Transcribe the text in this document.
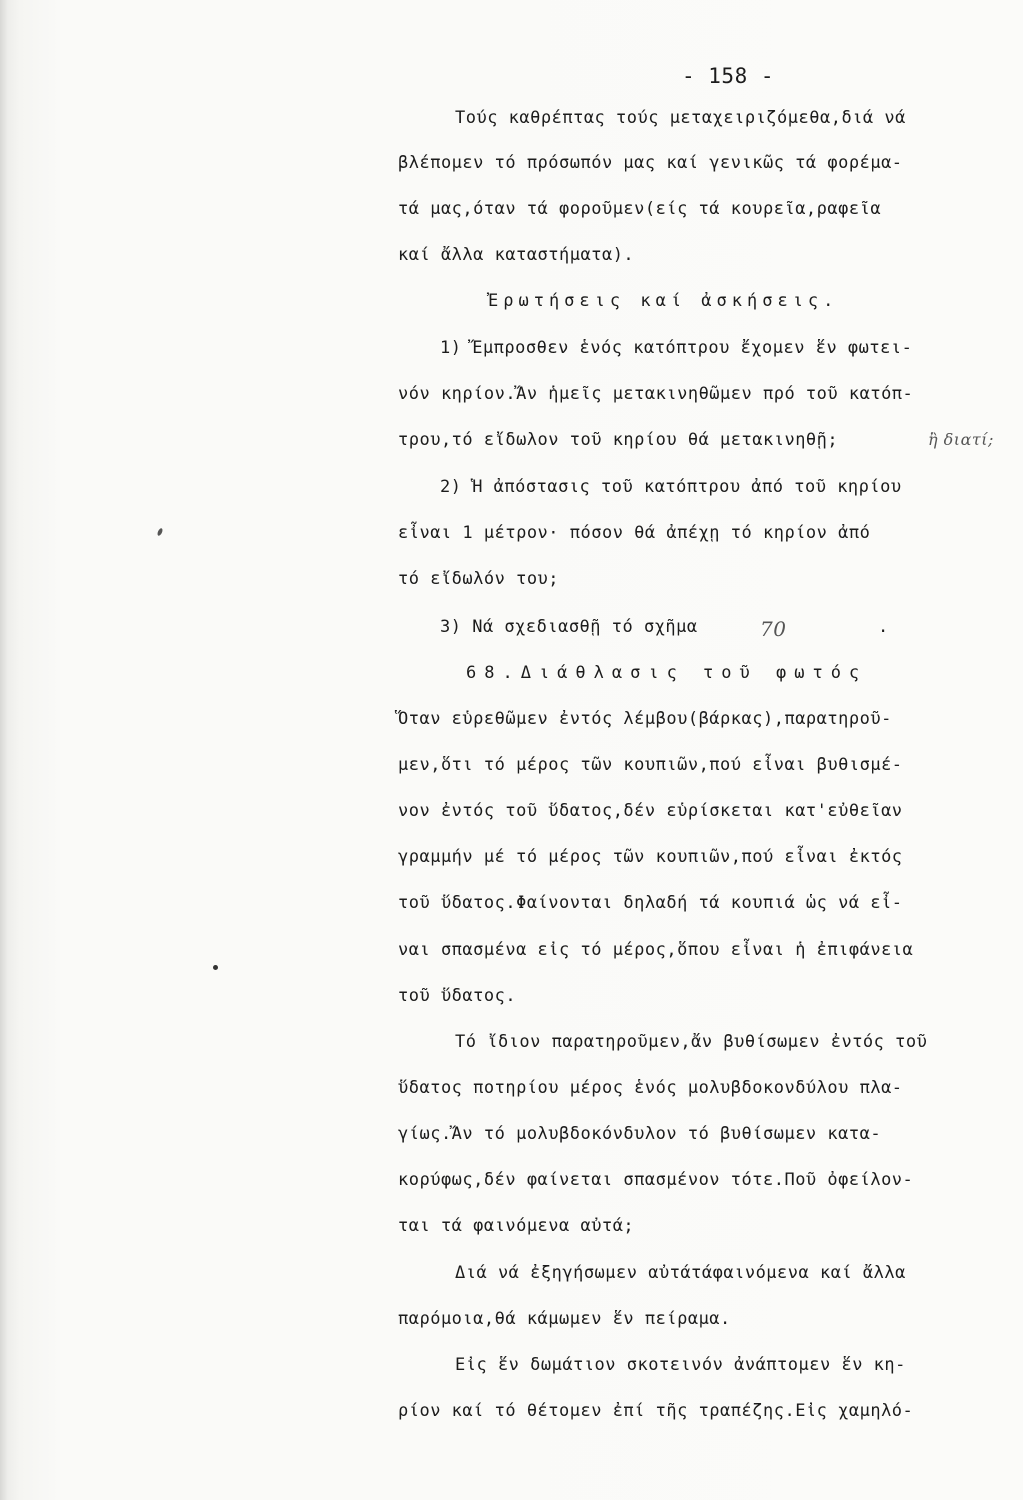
- 158 -
Τούς καθρέπτας τούς μεταχειριζόμεθα,διά νά
βλέπομεν τό πρόσωπόν μας καί γενικῶς τά φορέμα-
τά μας,όταν τά φοροῦμεν(είς τά κουρεῖα,ραφεῖα
καί ἄλλα καταστήματα).
Ἐρωτήσεις καί ἀσκήσεις.
1) Ἔμπροσθεν ἑνός κατόπτρου ἔχομεν ἕν φωτει-
νόν κηρίον.Ἄν ἡμεῖς μετακινηθῶμεν πρό τοῦ κατόπ-
τρου,τό εἴδωλον τοῦ κηρίου θά μετακινηθῇ;	ἢ διατί;
2) Ἡ ἀπόστασις τοῦ κατόπτρου ἀπό τοῦ κηρίου
εἶναι 1 μέτρον· πόσον θά ἀπέχῃ τό κηρίον ἀπό
τό εἴδωλόν του;
3) Νά σχεδιασθῇ τό σχῆμα	70	.
68.Διάθλασις τοῦ φωτός
Ὅταν εὑρεθῶμεν ἐντός λέμβου(βάρκας),παρατηροῦ-
μεν,ὅτι τό μέρος τῶν κουπιῶν,πού εἶναι βυθισμέ-
νον ἐντός τοῦ ὕδατος,δέν εὑρίσκεται κατ'εὐθεῖαν
γραμμήν μέ τό μέρος τῶν κουπιῶν,πού εἶναι ἐκτός
τοῦ ὕδατος.Φαίνονται δηλαδή τά κουπιά ὡς νά εἶ-
ναι σπασμένα εἰς τό μέρος,ὅπου εἶναι ἡ ἐπιφάνεια
τοῦ ὕδατος.
Τό ἴδιον παρατηροῦμεν,ἄν βυθίσωμεν ἐντός τοῦ
ὕδατος ποτηρίου μέρος ἑνός μολυβδοκονδύλου πλα-
γίως.Ἄν τό μολυβδοκόνδυλον τό βυθίσωμεν κατα-
κορύφως,δέν φαίνεται σπασμένον τότε.Ποῦ ὀφείλον-
ται τά φαινόμενα αὐτά;
Διά νά ἐξηγήσωμεν αὐτάτάφαινόμενα καί ἄλλα
παρόμοια,θά κάμωμεν ἕν πείραμα.
Εἰς ἕν δωμάτιον σκοτεινόν ἀνάπτομεν ἕν κη-
ρίον καί τό θέτομεν ἐπί τῆς τραπέζης.Εἰς χαμηλό-
